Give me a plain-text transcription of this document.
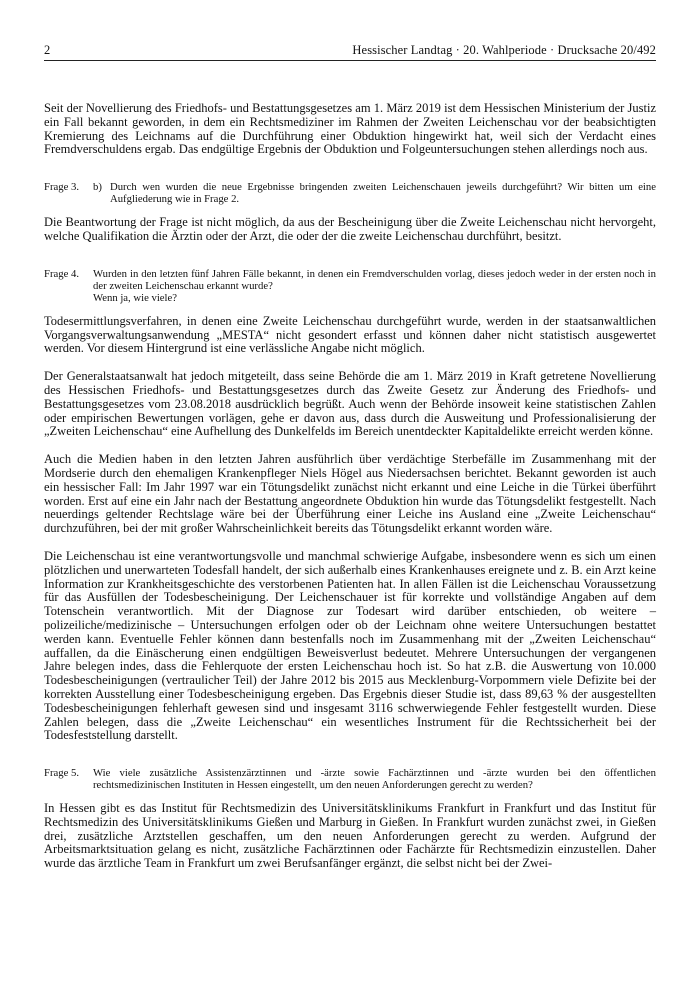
2	Hessischer Landtag · 20. Wahlperiode · Drucksache 20/492

Seit der Novellierung des Friedhofs- und Bestattungsgesetzes am 1. März 2019 ist dem Hessischen Ministerium der Justiz ein Fall bekannt geworden, in dem ein Rechtsmediziner im Rahmen der Zweiten Leichenschau vor der beabsichtigten Kremierung des Leichnams auf die Durchführung einer Obduktion hingewirkt hat, weil sich der Verdacht eines Fremdverschuldens ergab. Das endgültige Ergebnis der Obduktion und Folgeuntersuchungen stehen allerdings noch aus.

Frage 3.	b) Durch wen wurden die neue Ergebnisse bringenden zweiten Leichenschauen jeweils durchgeführt? Wir bitten um eine Aufgliederung wie in Frage 2.

Die Beantwortung der Frage ist nicht möglich, da aus der Bescheinigung über die Zweite Leichenschau nicht hervorgeht, welche Qualifikation die Ärztin oder der Arzt, die oder der die zweite Leichenschau durchführt, besitzt.

Frage 4.	Wurden in den letzten fünf Jahren Fälle bekannt, in denen ein Fremdverschulden vorlag, dieses jedoch weder in der ersten noch in der zweiten Leichenschau erkannt wurde?
Wenn ja, wie viele?

Todesermittlungsverfahren, in denen eine Zweite Leichenschau durchgeführt wurde, werden in der staatsanwaltlichen Vorgangsverwaltungsanwendung „MESTA“ nicht gesondert erfasst und können daher nicht statistisch ausgewertet werden. Vor diesem Hintergrund ist eine verlässliche Angabe nicht möglich.

Der Generalstaatsanwalt hat jedoch mitgeteilt, dass seine Behörde die am 1. März 2019 in Kraft getretene Novellierung des Hessischen Friedhofs- und Bestattungsgesetzes durch das Zweite Gesetz zur Änderung des Friedhofs- und Bestattungsgesetzes vom 23.08.2018 ausdrücklich begrüßt. Auch wenn der Behörde insoweit keine statistischen Zahlen oder empirischen Bewertungen vorlägen, gehe er davon aus, dass durch die Ausweitung und Professionalisierung der „Zweiten Leichenschau“ eine Aufhellung des Dunkelfelds im Bereich unentdeckter Kapitaldelikte erreicht werden könne.

Auch die Medien haben in den letzten Jahren ausführlich über verdächtige Sterbefälle im Zusammenhang mit der Mordserie durch den ehemaligen Krankenpfleger Niels Högel aus Niedersachsen berichtet. Bekannt geworden ist auch ein hessischer Fall: Im Jahr 1997 war ein Tötungsdelikt zunächst nicht erkannt und eine Leiche in die Türkei überführt worden. Erst auf eine ein Jahr nach der Bestattung angeordnete Obduktion hin wurde das Tötungsdelikt festgestellt. Nach neuerdings geltender Rechtslage wäre bei der Überführung einer Leiche ins Ausland eine „Zweite Leichenschau“ durchzuführen, bei der mit großer Wahrscheinlichkeit bereits das Tötungsdelikt erkannt worden wäre.

Die Leichenschau ist eine verantwortungsvolle und manchmal schwierige Aufgabe, insbesondere wenn es sich um einen plötzlichen und unerwarteten Todesfall handelt, der sich außerhalb eines Krankenhauses ereignete und z. B. ein Arzt keine Information zur Krankheitsgeschichte des verstorbenen Patienten hat. In allen Fällen ist die Leichenschau Voraussetzung für das Ausfüllen der Todesbescheinigung. Der Leichenschauer ist für korrekte und vollständige Angaben auf dem Totenschein verantwortlich. Mit der Diagnose zur Todesart wird darüber entschieden, ob weitere – polizeiliche/medizinische – Untersuchungen erfolgen oder ob der Leichnam ohne weitere Untersuchungen bestattet werden kann. Eventuelle Fehler können dann bestenfalls noch im Zusammenhang mit der „Zweiten Leichenschau“ auffallen, da die Einäscherung einen endgültigen Beweisverlust bedeutet. Mehrere Untersuchungen der vergangenen Jahre belegen indes, dass die Fehlerquote der ersten Leichenschau hoch ist. So hat z.B. die Auswertung von 10.000 Todesbescheinigungen (vertraulicher Teil) der Jahre 2012 bis 2015 aus Mecklenburg-Vorpommern viele Defizite bei der korrekten Ausstellung einer Todesbescheinigung ergeben. Das Ergebnis dieser Studie ist, dass 89,63 % der ausgestellten Todesbescheinigungen fehlerhaft gewesen sind und insgesamt 3116 schwerwiegende Fehler festgestellt wurden. Diese Zahlen belegen, dass die „Zweite Leichenschau“ ein wesentliches Instrument für die Rechtssicherheit bei der Todesfeststellung darstellt.

Frage 5.	Wie viele zusätzliche Assistenzärztinnen und -ärzte sowie Fachärztinnen und -ärzte wurden bei den öffentlichen rechtsmedizinischen Instituten in Hessen eingestellt, um den neuen Anforderungen gerecht zu werden?

In Hessen gibt es das Institut für Rechtsmedizin des Universitätsklinikums Frankfurt in Frankfurt und das Institut für Rechtsmedizin des Universitätsklinikums Gießen und Marburg in Gießen. In Frankfurt wurden zunächst zwei, in Gießen drei, zusätzliche Arztstellen geschaffen, um den neuen Anforderungen gerecht zu werden. Aufgrund der Arbeitsmarktsituation gelang es nicht, zusätzliche Fachärztinnen oder Fachärzte für Rechtsmedizin einzustellen. Daher wurde das ärztliche Team in Frankfurt um zwei Berufsanfänger ergänzt, die selbst nicht bei der Zwei-
